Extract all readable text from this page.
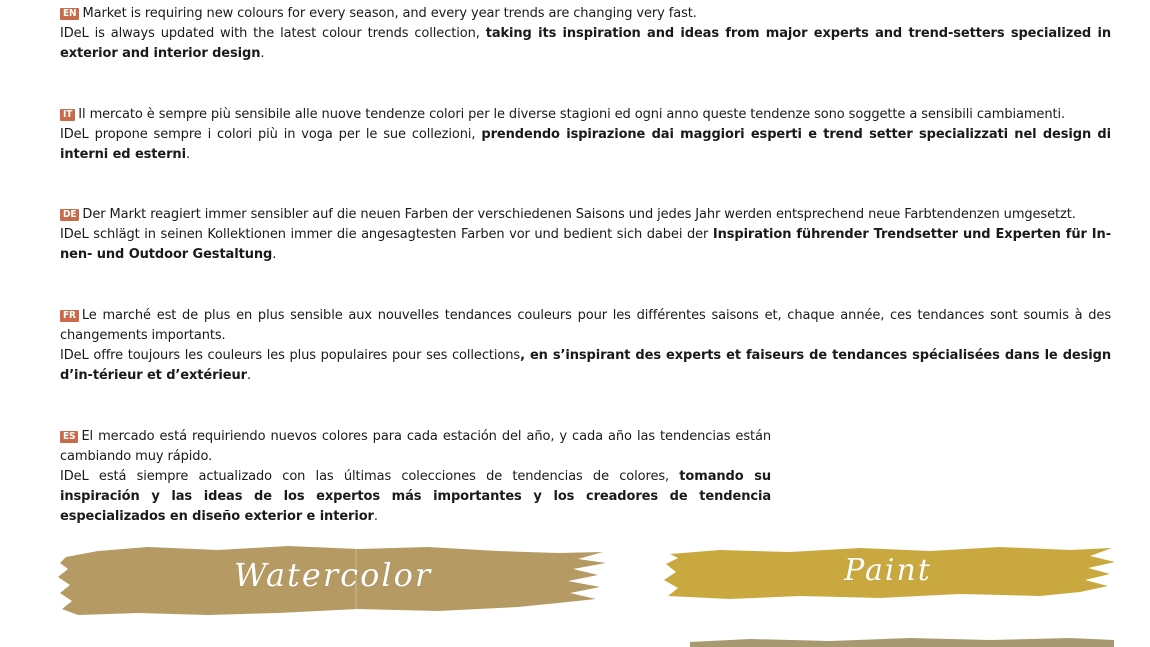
EN Market is requiring new colours for every season, and every year trends are changing very fast.
IDeL is always updated with the latest colour trends collection, taking its inspiration and ideas from major experts and trend-setters specialized in exterior and interior design.
IT Il mercato è sempre più sensibile alle nuove tendenze colori per le diverse stagioni ed ogni anno queste tendenze sono soggette a sensibili cambiamenti.
IDeL propone sempre i colori più in voga per le sue collezioni, prendendo ispirazione dai maggiori esperti e trend setter specializzati nel design di interni ed esterni.
DE Der Markt reagiert immer sensibler auf die neuen Farben der verschiedenen Saisons und jedes Jahr werden entsprechend neue Farbtendenzen umgesetzt.
IDeL schlägt in seinen Kollektionen immer die angesagtesten Farben vor und bedient sich dabei der Inspiration führender Trendsetter und Experten für In-nen- und Outdoor Gestaltung.
FR Le marché est de plus en plus sensible aux nouvelles tendances couleurs pour les différentes saisons et, chaque année, ces tendances sont soumis à des changements importants.
IDeL offre toujours les couleurs les plus populaires pour ses collections, en s’inspirant des experts et faiseurs de tendances spécialisées dans le design d’in-térieur et d’extérieur.
ES El mercado está requiriendo nuevos colores para cada estación del año, y cada año las tendencias están cambiando muy rápido.
IDeL está siempre actualizado con las últimas colecciones de tendencias de colores, tomando su inspiración y las ideas de los expertos más importantes y los creadores de tendencia especializados en diseño exterior e interior.
Watercolor	Paint
